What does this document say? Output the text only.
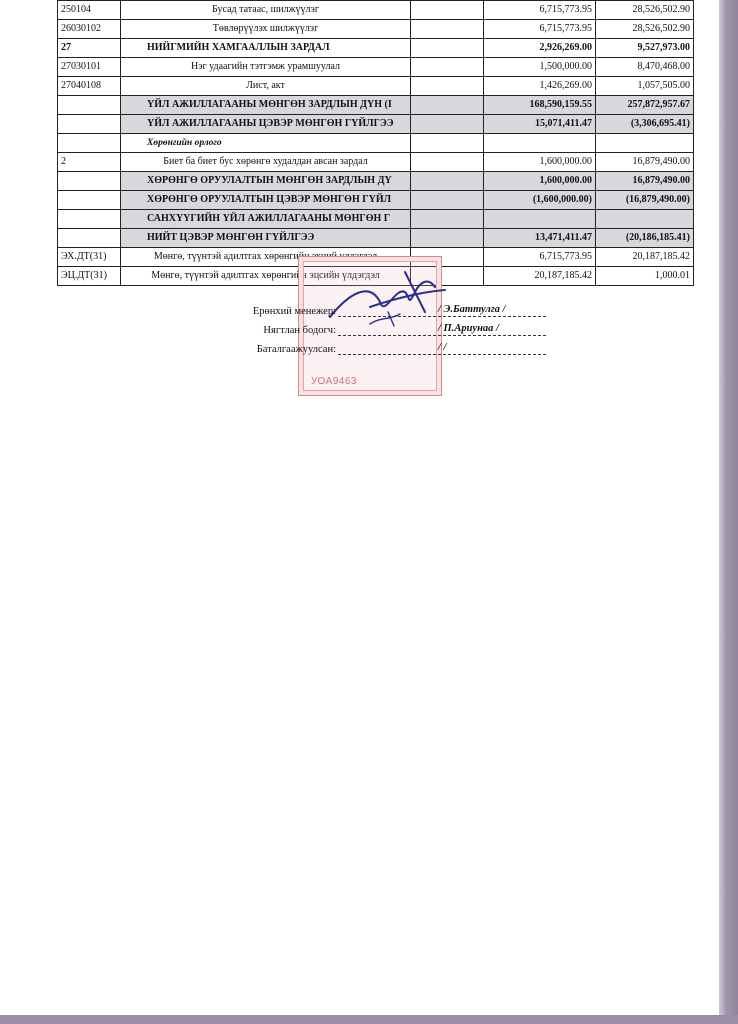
250104	Бусад татаас, шилжүүлэг		6,715,773.95	28,526,502.90
26030102	Төвлөрүүлэх шилжүүлэг		6,715,773.95	28,526,502.90
27	НИЙГМИЙН ХАМГААЛЛЫН ЗАРДАЛ		2,926,269.00	9,527,973.00
27030101	Нэг удаагийн тэтгэмж урамшуулал		1,500,000.00	8,470,468.00
27040108	Лист, акт		1,426,269.00	1,057,505.00
	ҮЙЛ АЖИЛЛАГААНЫ МӨНГӨН ЗАРДЛЫН ДҮН (I		168,590,159.55	257,872,957.67
	ҮЙЛ АЖИЛЛАГААНЫ ЦЭВЭР МӨНГӨН ГҮЙЛГЭЭ		15,071,411.47	(3,306,695.41)
	Хөрөнгийн орлого			
2	Биет ба биет бус хөрөнгө худалдан авсан зардал		1,600,000.00	16,879,490.00
	ХӨРӨНГӨ ОРУУЛАЛТЫН МӨНГӨН ЗАРДЛЫН ДҮ		1,600,000.00	16,879,490.00
	ХӨРӨНГӨ ОРУУЛАЛТЫН ЦЭВЭР МӨНГӨН ГҮЙЛ		(1,600,000.00)	(16,879,490.00)
	САНХҮҮГИЙН ҮЙЛ АЖИЛЛАГААНЫ МӨНГӨН Г			
	НИЙТ ЦЭВЭР МӨНГӨН ГҮЙЛГЭЭ		13,471,411.47	(20,186,185.41)
ЭХ.ДТ(31)	Мөнгө, түүнтэй адилтгах хөрөнгийн эхний үлдэгдэл		6,715,773.95	20,187,185.42
ЭЦ.ДТ(31)	Мөнгө, түүнтэй адилтгах хөрөнгийн эцсийн үлдэгдэл		20,187,185.42	1,000.01
УОА9463
Ерөнхий менежер:	/ Э.Баттулга /
Нягтлан бодогч:	/ П.Ариунаа /
Баталгаажуулсан:	/ /
